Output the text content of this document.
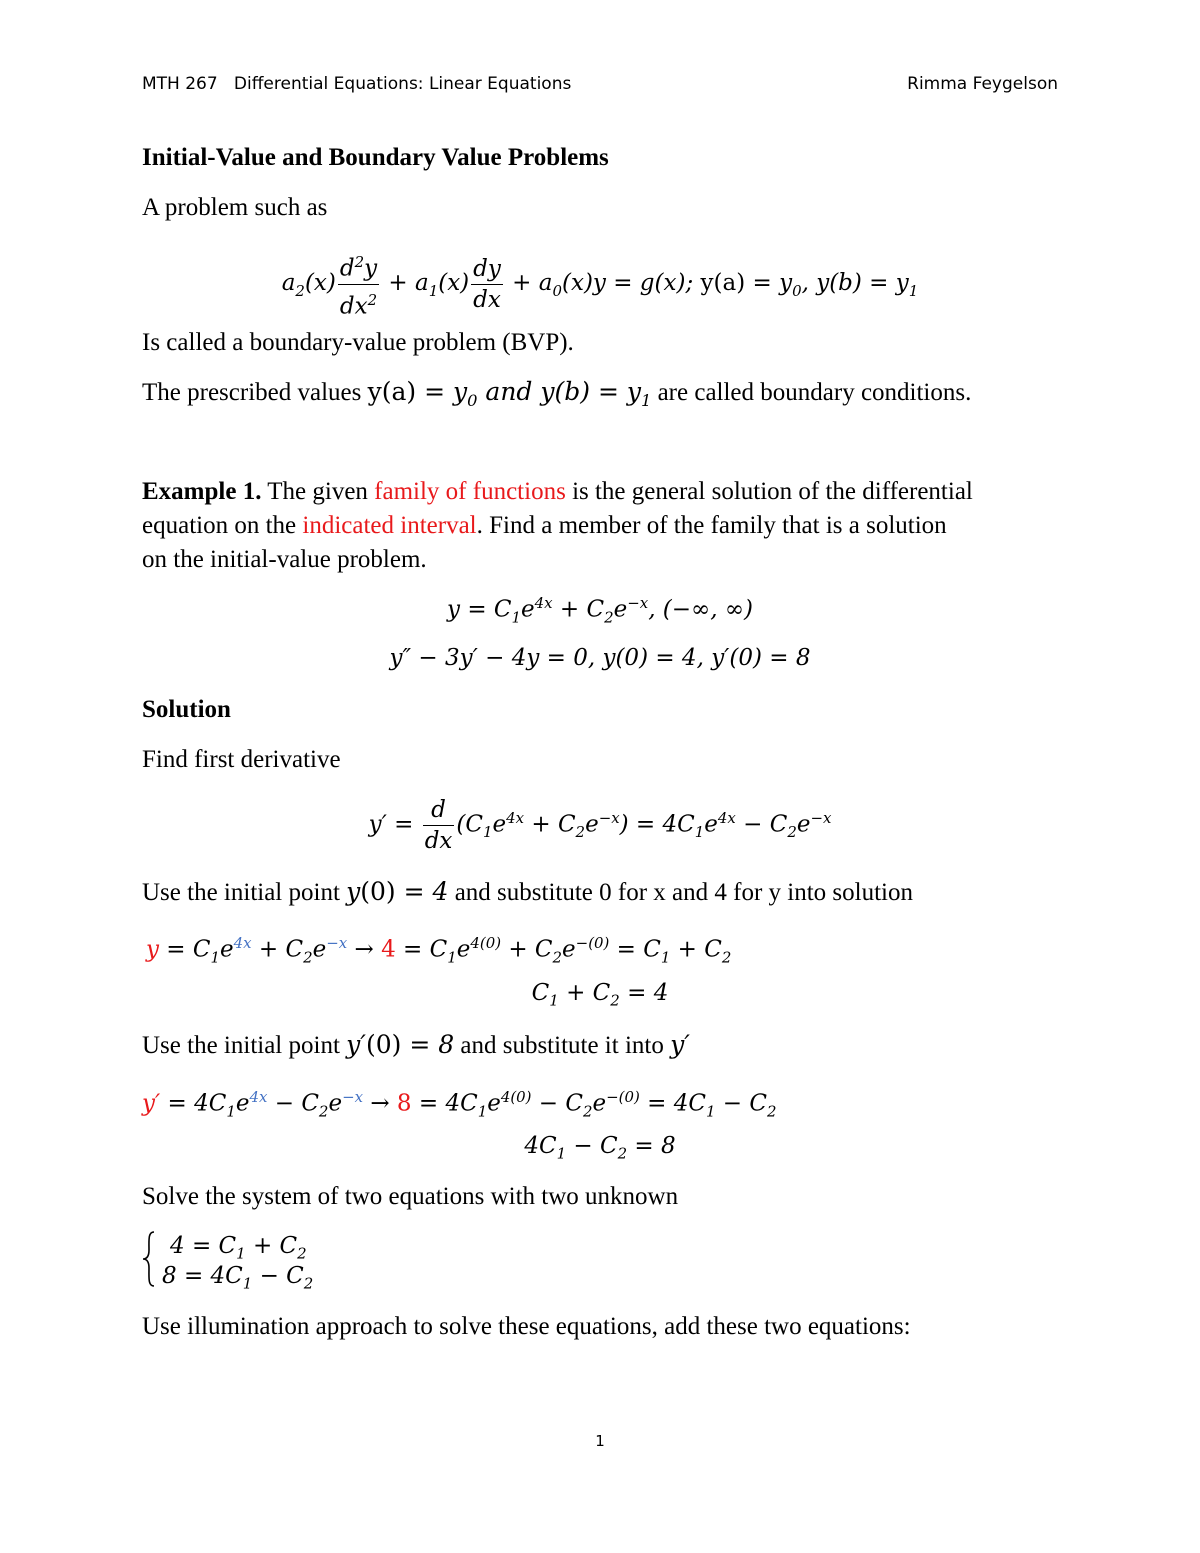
MTH 267   Differential Equations: Linear Equations	Rimma Feygelson
Initial-Value and Boundary Value Problems
A problem such as
$a_2(x) \frac{d^2y}{dx^2} + a_1(x) \frac{dy}{dx} + a_0(x)y = g(x)$; $y(a) = y_0$, $y(b) = y_1$
Is called a boundary-value problem (BVP).
The prescribed values $y(a) = y_0$ and $y(b) = y_1$ are called boundary conditions.
Example 1. The given family of functions is the general solution of the differential
equation on the indicated interval. Find a member of the family that is a solution
on the initial-value problem.
$y = C_1e^{4x} + C_2e^{-x}$, (−∞, ∞)
y″ − 3y′ − 4y = 0, y(0) = 4, y′(0) = 8
Solution
Find first derivative
$y' = \frac{d}{dx} (C_1e^{4x} + C_2e^{-x}) = 4C_1e^{4x} - C_2e^{-x}$
Use the initial point y(0) = 4 and substitute 0 for x and 4 for y into solution
$y = C_1e^{4x} + C_2e^{-x} \to 4 = C_1e^{4(0)} + C_2e^{-(0)} = C_1 + C_2$
$C_1 + C_2 = 4$
Use the initial point y′(0) = 8 and substitute it into y′
$y' = 4C_1e^{4x} - C_2e^{-x} \to 8 = 4C_1e^{4(0)} - C_2e^{-(0)} = 4C_1 - C_2$
$4C_1 - C_2 = 8$
Solve the system of two equations with two unknown
$4 = C_1 + C_2$
$8 = 4C_1 - C_2$
Use illumination approach to solve these equations, add these two equations:
1
